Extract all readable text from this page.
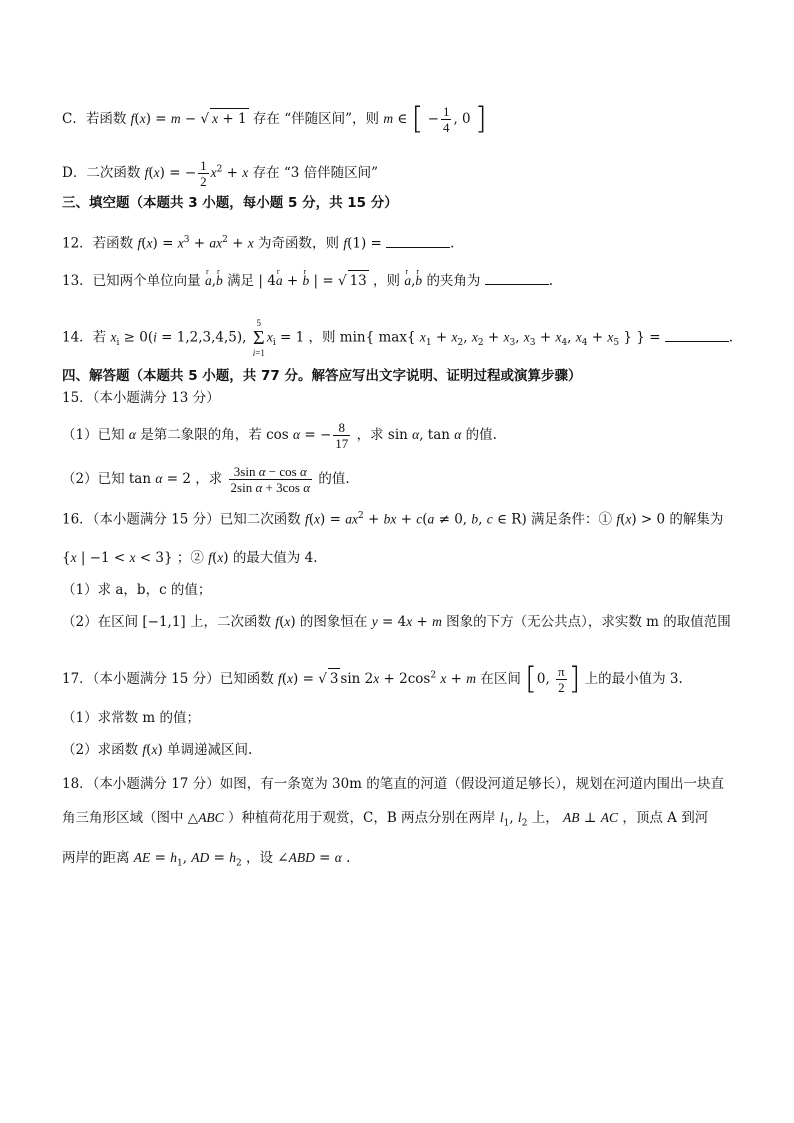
C．若函数 f(x) = m − √ x + 1 存在 “伴随区间”，则 m ∈ [ − $\frac{1}{4}$ , 0 ]
D．二次函数 f(x) = − $\frac{1}{2} x^2 + x$ 存在 “3 倍伴随区间”
三、填空题（本题共 3 小题，每小题 5 分，共 15 分）
12．若函数 $f(x) = x^3 + ax^2 + x$ 为奇函数，则 f(1) =	.
13．已知两个单位向量 r a,r b 满足 | 4r a + r b | = √ 13 ，则 r a,r b 的夹角为	.
14．若 $x_i \ge 0(i = 1,2,3,4,5)$,
5
Σ
i=1
$x_i = 1$ ，则 min{ max{ $x_1 + x_2$, $x_2 + x_3$, $x_3 + x_4$, $x_4 + x_5$ } } =	.
四、解答题（本题共 5 小题，共 77 分。解答应写出文字说明、证明过程或演算步骤）
15．（本小题满分 13 分）
（1）已知 α 是第二象限的角，若 cos α = − $\frac{8}{17}$ ，求 sin α, tan α 的值.
（2）已知 tan α = 2 ，求 $\frac{\text{3sin α − cos α}}{\text{2sin α + 3cos α}}$ 的值.
16．（本小题满分 15 分）已知二次函数 $f(x) = ax^2$ + bx + c(a ≠ 0, b, c ∈ R) 满足条件：① f(x) > 0 的解集为
{x | −1 < x < 3} ；② f(x) 的最大值为 4.
（1）求 a，b，c 的值；
（2）在区间 [−1,1] 上，二次函数 f(x) 的图象恒在 y = 4x + m 图象的下方（无公共点），求实数 m 的取值范围
17．（本小题满分 15 分）已知函数 f(x) = √ 3 $\sin 2x + 2\cos^2$ x + m 在区间 [0, $\frac{\pi}{2}$ ] 上的最小值为 3.
（1）求常数 m 的值；
（2）求函数 f(x) 单调递减区间.
18．（本小题满分 17 分）如图，有一条宽为 30m 的笔直的河道（假设河道足够长），规划在河道内围出一块直
角三角形区域（图中 △ABC ）种植荷花用于观赏，C，B 两点分别在两岸 $l_1$, $l_2$ 上， AB ⊥ AC ，顶点 A 到河
两岸的距离 AE = $h_1$, AD = $h_2$ ，设 ∠ABD = α .
